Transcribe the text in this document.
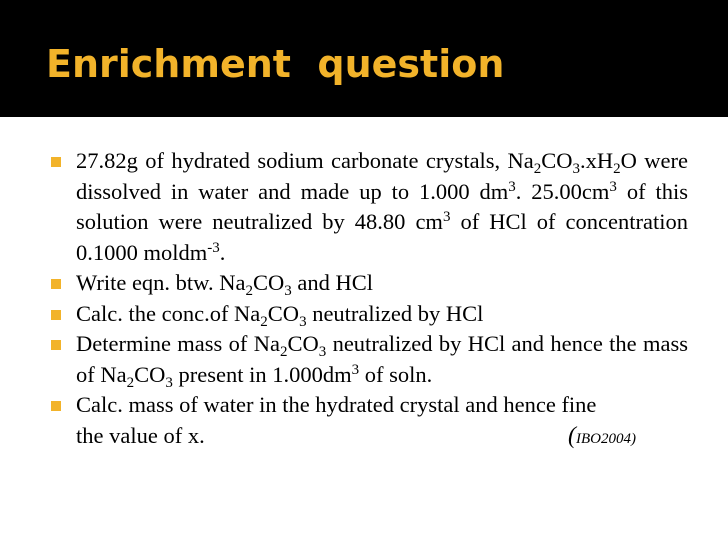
Enrichment  question
27.82g of hydrated sodium carbonate crystals, $Na_2CO_3.xH_2O$ were dissolved in water and made up to 1.000 $dm^3$. $25.00cm^3$ of this solution were neutralized by 48.80 $cm^3$ of HCl of concentration 0.1000 moldm$^{-3}$.
Write eqn. btw. $Na_2CO_3$ and HCl
Calc. the conc.of $Na_2CO_3$ neutralized by HCl
Determine mass of $Na_2CO_3$ neutralized by HCl and hence the mass of $Na_2CO_3$ present in $1.000dm^3$ of soln.
Calc. mass of water in the hydrated crystal and hence fine
the value of x.	(IBO2004)
